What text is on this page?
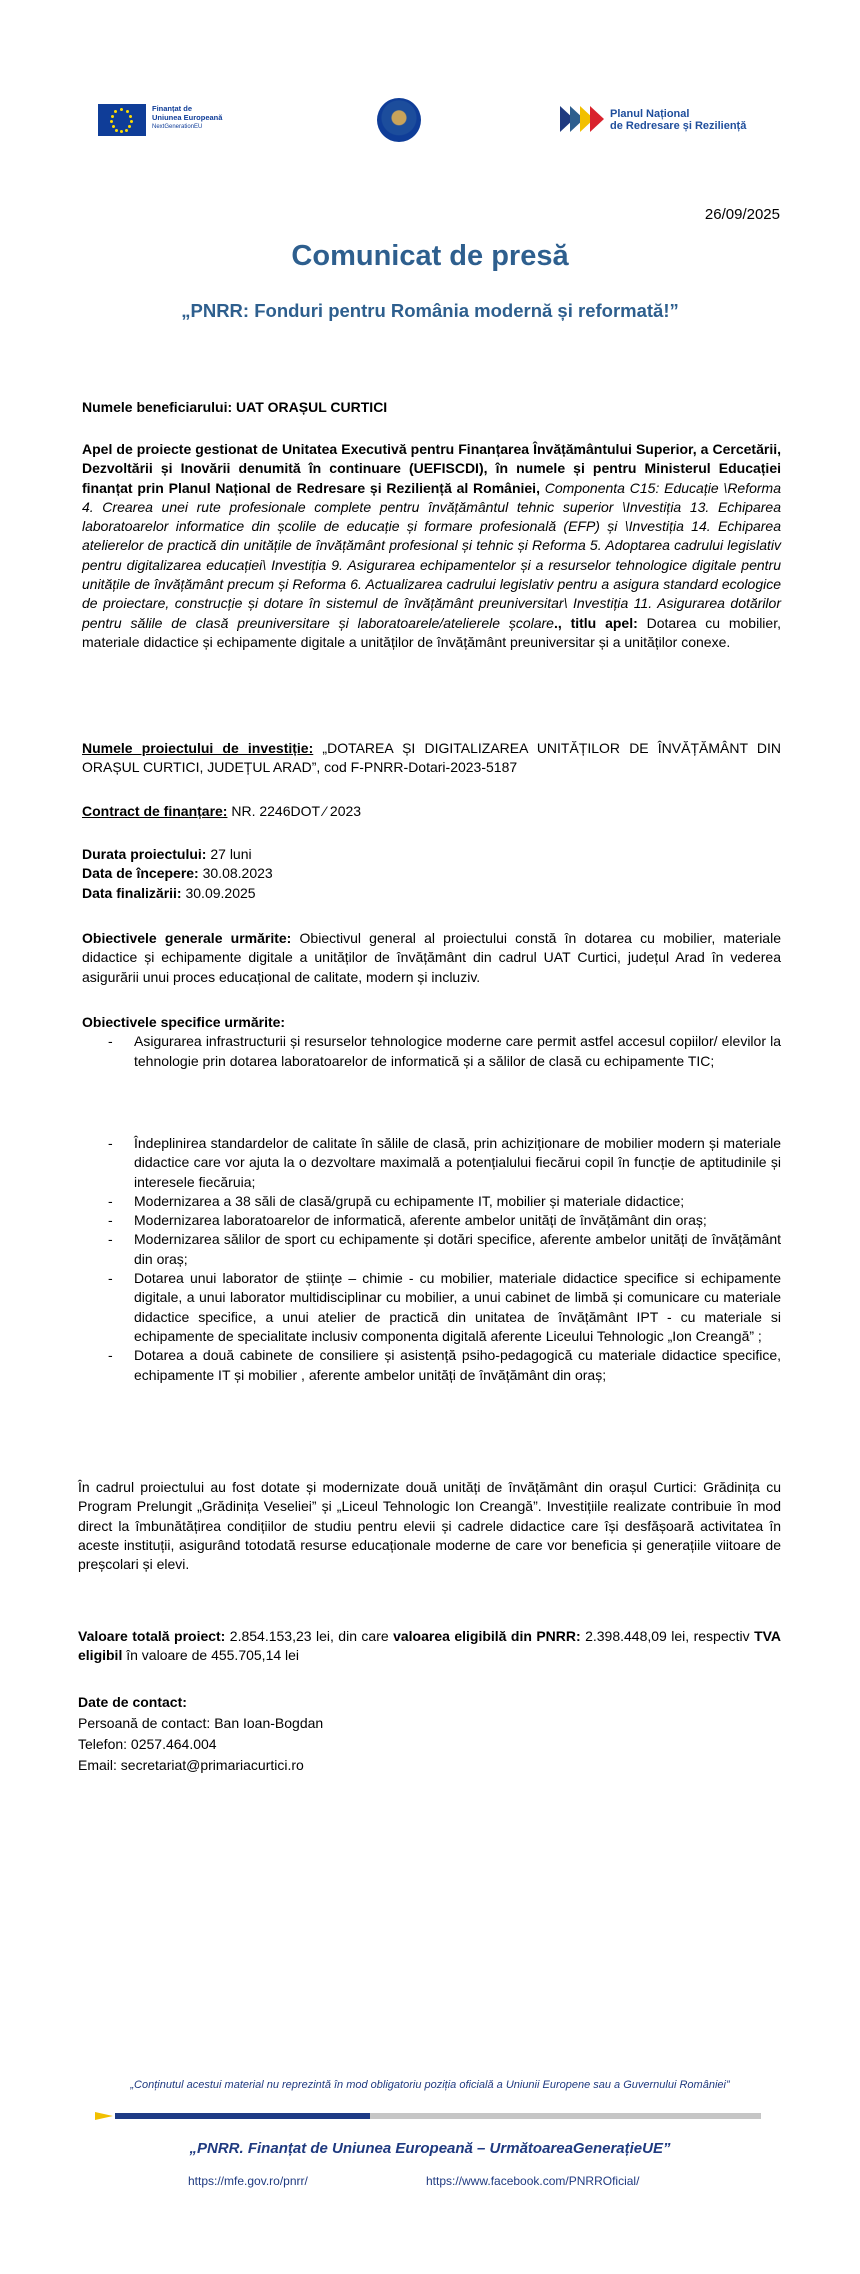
Finanțat de
Uniunea Europeană
NextGenerationEU
Planul Național
de Redresare și Reziliență
26/09/2025
Comunicat de presă
„PNRR: Fonduri pentru România modernă și reformată!”

Numele beneficiarului: UAT ORAȘUL CURTICI

Apel de proiecte gestionat de Unitatea Executivă pentru Finanțarea Învățământului Superior, a Cercetării, Dezvoltării și Inovării denumită în continuare (UEFISCDI), în numele și pentru Ministerul Educației finanțat prin Planul Național de Redresare și Reziliență al României, Componenta C15: Educație \Reforma 4. Crearea unei rute profesionale complete pentru învățământul tehnic superior \Investiția 13. Echiparea laboratoarelor informatice din școlile de educație și formare profesională (EFP) și \Investiția 14. Echiparea atelierelor de practică din unitățile de învățământ profesional și tehnic și Reforma 5. Adoptarea cadrului legislativ pentru digitalizarea educației\ Investiția 9. Asigurarea echipamentelor și a resurselor tehnologice digitale pentru unitățile de învățământ precum și Reforma 6. Actualizarea cadrului legislativ pentru a asigura standard ecologice de proiectare, construcție și dotare în sistemul de învățământ preuniversitar\ Investiția 11. Asigurarea dotărilor pentru sălile de clasă preuniversitare și laboratoarele/atelierele școlare., titlu apel: Dotarea cu mobilier, materiale didactice și echipamente digitale a unităților de învățământ preuniversitar și a unităților conexe.

Numele proiectului de investiție: „DOTAREA ȘI DIGITALIZAREA UNITĂȚILOR DE ÎNVĂȚĂMÂNT DIN ORAȘUL CURTICI, JUDEȚUL ARAD”, cod F-PNRR-Dotari-2023-5187

Contract de finanțare: NR. 2246DOT ⁄ 2023

Durata proiectului: 27 luni

Data de începere: 30.08.2023

Data finalizării: 30.09.2025

Obiectivele generale urmărite: Obiectivul general al proiectului constă în dotarea cu mobilier, materiale didactice și echipamente digitale a unităților de învățământ din cadrul UAT Curtici, județul Arad în vederea asigurării unui proces educațional de calitate, modern și incluziv.

Obiectivele specifice urmărite:

- Asigurarea infrastructurii și resurselor tehnologice moderne care permit astfel accesul copiilor/ elevilor la tehnologie prin dotarea laboratoarelor de informatică și a sălilor de clasă cu echipamente TIC;
- Îndeplinirea standardelor de calitate în sălile de clasă, prin achiziționare de mobilier modern și materiale didactice care vor ajuta la o dezvoltare maximală a potențialului fiecărui copil în funcție de aptitudinile și interesele fiecăruia;
- Modernizarea a 38 săli de clasă/grupă cu echipamente IT, mobilier și materiale didactice;
- Modernizarea laboratoarelor de informatică, aferente ambelor unități de învățământ din oraș;
- Modernizarea sălilor de sport cu echipamente și dotări specifice, aferente ambelor unități de învățământ din oraș;
- Dotarea unui laborator de științe – chimie - cu mobilier, materiale didactice specifice si echipamente digitale, a unui laborator multidisciplinar cu mobilier, a unui cabinet de limbă și comunicare cu materiale didactice specifice, a unui atelier de practică din unitatea de învățământ IPT - cu materiale si echipamente de specialitate inclusiv componenta digitală aferente Liceului Tehnologic „Ion Creangă” ;
- Dotarea a două cabinete de consiliere și asistență psiho-pedagogică cu materiale didactice specifice, echipamente IT și mobilier , aferente ambelor unități de învățământ din oraș;

În cadrul proiectului au fost dotate și modernizate două unități de învățământ din orașul Curtici: Grădinița cu Program Prelungit „Grădinița Veseliei” și „Liceul Tehnologic Ion Creangă”. Investițiile realizate contribuie în mod direct la îmbunătățirea condițiilor de studiu pentru elevii și cadrele didactice care își desfășoară activitatea în aceste instituții, asigurând totodată resurse educaționale moderne de care vor beneficia și generațiile viitoare de preșcolari și elevi.

Valoare totală proiect: 2.854.153,23 lei, din care valoarea eligibilă din PNRR: 2.398.448,09 lei, respectiv TVA eligibil în valoare de 455.705,14 lei

Date de contact:
Persoană de contact: Ban Ioan-Bogdan
Telefon: 0257.464.004
Email: secretariat@primariacurtici.ro
„Conținutul acestui material nu reprezintă în mod obligatoriu poziția oficială a Uniunii Europene sau a Guvernului României”
„PNRR. Finanțat de Uniunea Europeană – UrmătoareaGenerațieUE”
https://mfe.gov.ro/pnrr/	https://www.facebook.com/PNRROficial/
